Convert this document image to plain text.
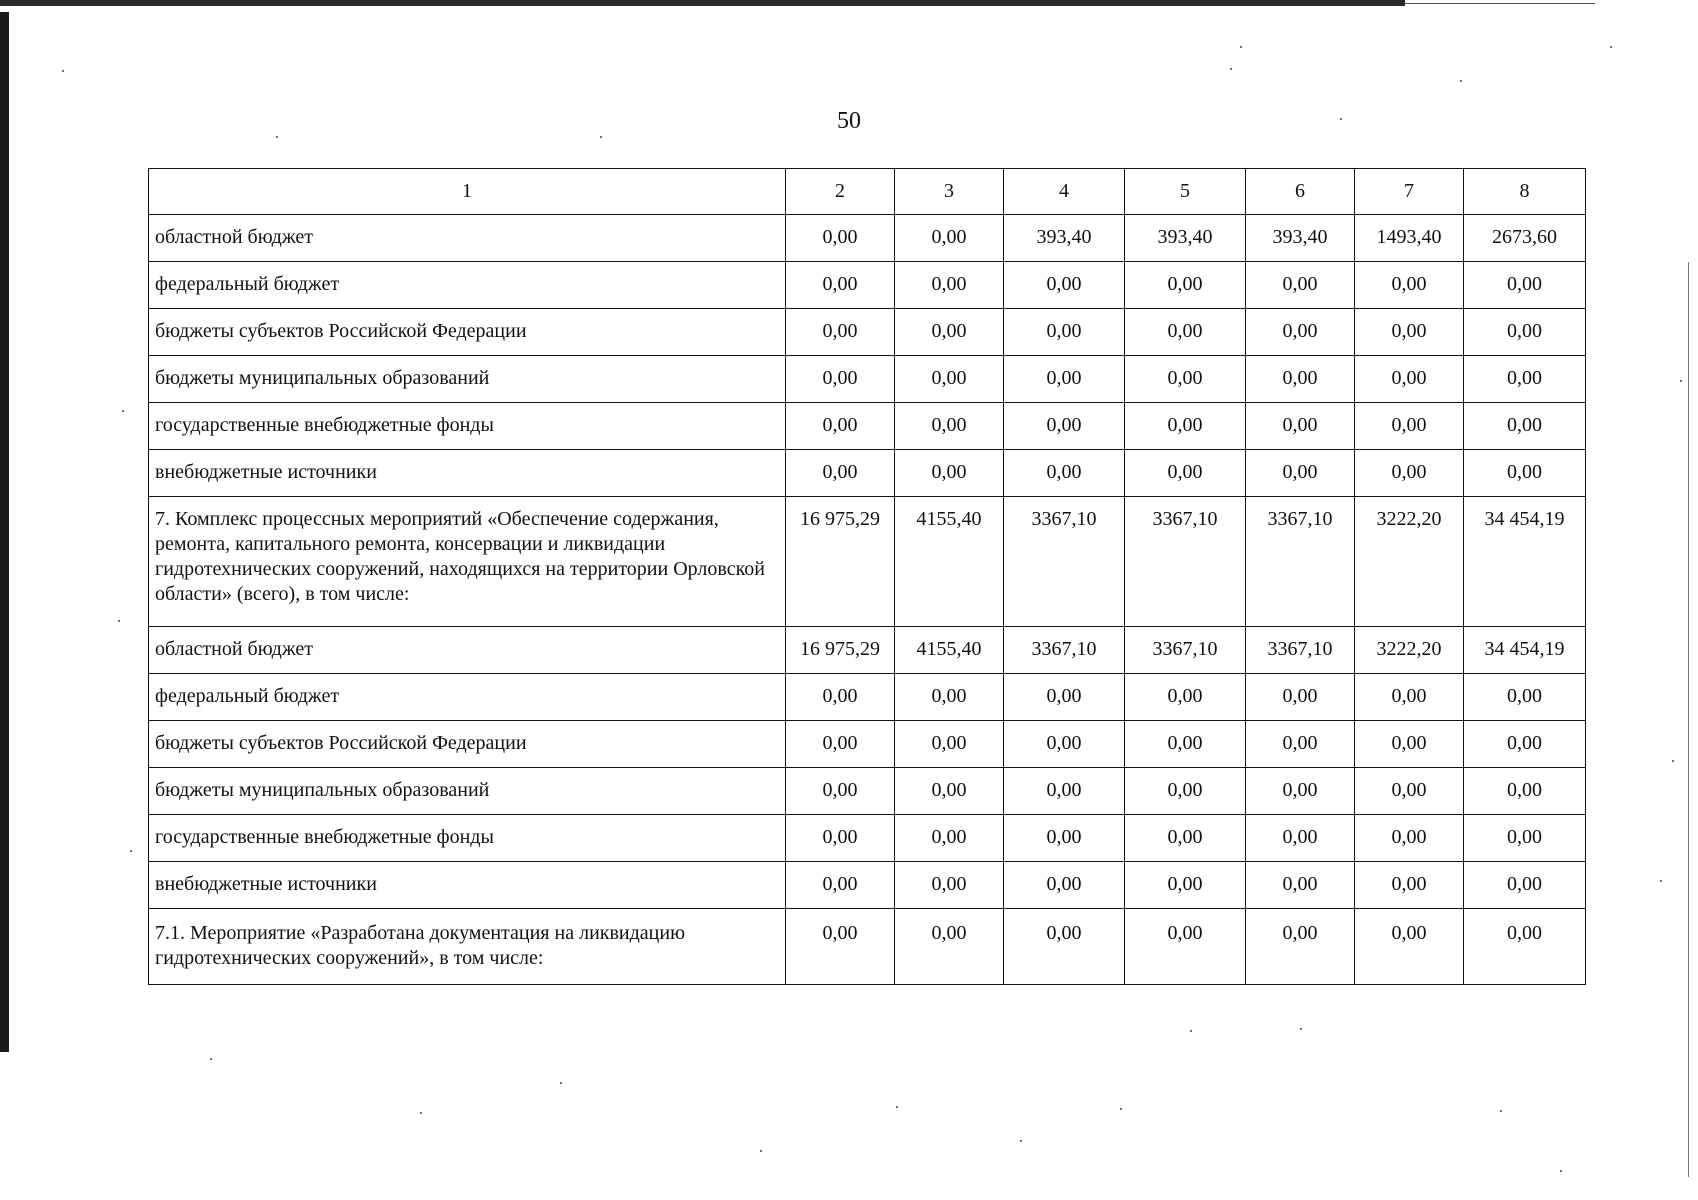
50
1	2	3	4	5	6	7	8
областной бюджет	0,00	0,00	393,40	393,40	393,40	1493,40	2673,60
федеральный бюджет	0,00	0,00	0,00	0,00	0,00	0,00	0,00
бюджеты субъектов Российской Федерации	0,00	0,00	0,00	0,00	0,00	0,00	0,00
бюджеты муниципальных образований	0,00	0,00	0,00	0,00	0,00	0,00	0,00
государственные внебюджетные фонды	0,00	0,00	0,00	0,00	0,00	0,00	0,00
внебюджетные источники	0,00	0,00	0,00	0,00	0,00	0,00	0,00
7. Комплекс процессных мероприятий «Обеспечение содержания, ремонта, капитального ремонта, консервации и ликвидации гидротехнических сооружений, находящихся на территории Орловской области» (всего), в том числе:	16 975,29	4155,40	3367,10	3367,10	3367,10	3222,20	34 454,19
областной бюджет	16 975,29	4155,40	3367,10	3367,10	3367,10	3222,20	34 454,19
федеральный бюджет	0,00	0,00	0,00	0,00	0,00	0,00	0,00
бюджеты субъектов Российской Федерации	0,00	0,00	0,00	0,00	0,00	0,00	0,00
бюджеты муниципальных образований	0,00	0,00	0,00	0,00	0,00	0,00	0,00
государственные внебюджетные фонды	0,00	0,00	0,00	0,00	0,00	0,00	0,00
внебюджетные источники	0,00	0,00	0,00	0,00	0,00	0,00	0,00
7.1. Мероприятие «Разработана документация на ликвидацию гидротехнических сооружений», в том числе:	0,00	0,00	0,00	0,00	0,00	0,00	0,00
